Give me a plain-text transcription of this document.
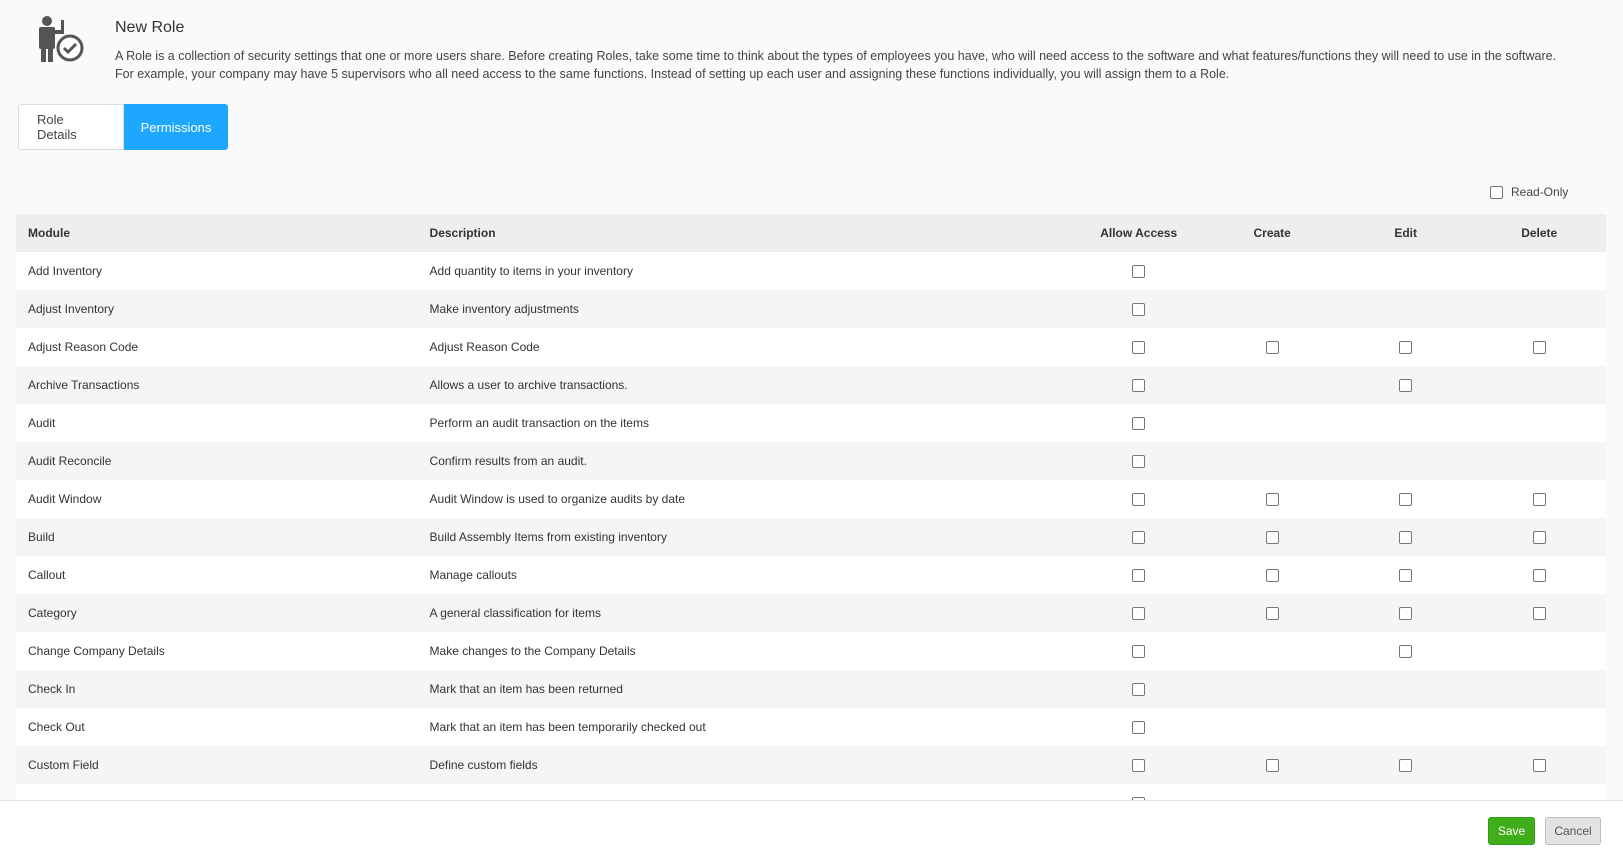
New Role
A Role is a collection of security settings that one or more users share. Before creating Roles, take some time to think about the types of employees you have, who will need access to the software and what features/functions they will need to use in the software. For example, your company may have 5 supervisors who all need access to the same functions. Instead of setting up each user and assigning these functions individually, you will assign them to a Role.
Role Details	Permissions
Read-Only
Module	Description	Allow Access	Create	Edit	Delete
Add Inventory	Add quantity to items in your inventory				
Adjust Inventory	Make inventory adjustments				
Adjust Reason Code	Adjust Reason Code				
Archive Transactions	Allows a user to archive transactions.				
Audit	Perform an audit transaction on the items				
Audit Reconcile	Confirm results from an audit.				
Audit Window	Audit Window is used to organize audits by date				
Build	Build Assembly Items from existing inventory				
Callout	Manage callouts				
Category	A general classification for items				
Change Company Details	Make changes to the Company Details				
Check In	Mark that an item has been returned				
Check Out	Mark that an item has been temporarily checked out				
Custom Field	Define custom fields				

Save	Cancel
